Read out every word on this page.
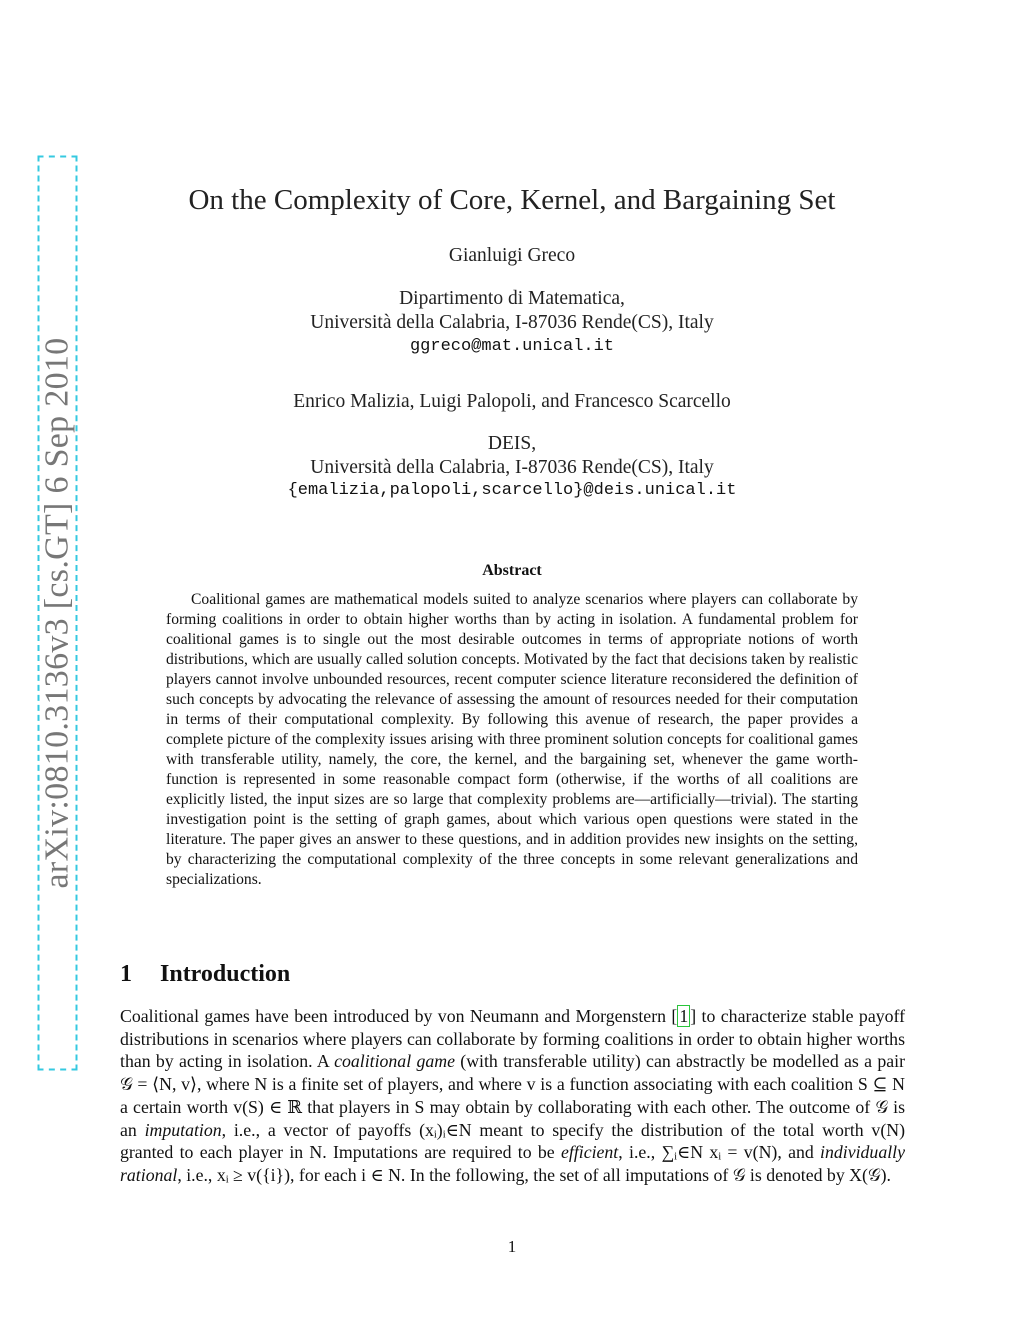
arXiv:0810.3136v3 [cs.GT] 6 Sep 2010
On the Complexity of Core, Kernel, and Bargaining Set
Gianluigi Greco
Dipartimento di Matematica,
Università della Calabria, I-87036 Rende(CS), Italy
ggreco@mat.unical.it
Enrico Malizia, Luigi Palopoli, and Francesco Scarcello
DEIS,
Università della Calabria, I-87036 Rende(CS), Italy
{emalizia,palopoli,scarcello}@deis.unical.it
Abstract

Coalitional games are mathematical models suited to analyze scenarios where players can collaborate by forming coalitions in order to obtain higher worths than by acting in isolation. A fundamental problem for coalitional games is to single out the most desirable outcomes in terms of appropriate notions of worth distributions, which are usually called solution concepts. Motivated by the fact that decisions taken by realistic players cannot involve unbounded resources, recent computer science literature reconsidered the definition of such concepts by advocating the relevance of assessing the amount of resources needed for their computation in terms of their computational complexity. By following this avenue of research, the paper provides a complete picture of the complexity issues arising with three prominent solution concepts for coalitional games with transferable utility, namely, the core, the kernel, and the bargaining set, whenever the game worth-function is represented in some reasonable compact form (otherwise, if the worths of all coalitions are explicitly listed, the input sizes are so large that complexity problems are—artificially—trivial). The starting investigation point is the setting of graph games, about which various open questions were stated in the literature. The paper gives an answer to these questions, and in addition provides new insights on the setting, by characterizing the computational complexity of the three concepts in some relevant generalizations and specializations.

1 Introduction

Coalitional games have been introduced by von Neumann and Morgenstern [ 1 ] to characterize stable payoff distributions in scenarios where players can collaborate by forming coalitions in order to obtain higher worths than by acting in isolation. A coalitional game (with transferable utility) can abstractly be modelled as a pair 𝒢 = ⟨N, v⟩, where N is a finite set of players, and where v is a function associating with each coalition S ⊆ N a certain worth v(S) ∈ ℝ that players in S may obtain by collaborating with each other. The outcome of 𝒢 is an imputation, i.e., a vector of payoffs (xᵢ)ᵢ∈N meant to specify the distribution of the total worth v(N) granted to each player in N. Imputations are required to be efficient, i.e., ∑ᵢ∈N xᵢ = v(N), and individually rational, i.e., xᵢ ≥ v({i}), for each i ∈ N. In the following, the set of all imputations of 𝒢 is denoted by X(𝒢).

1
